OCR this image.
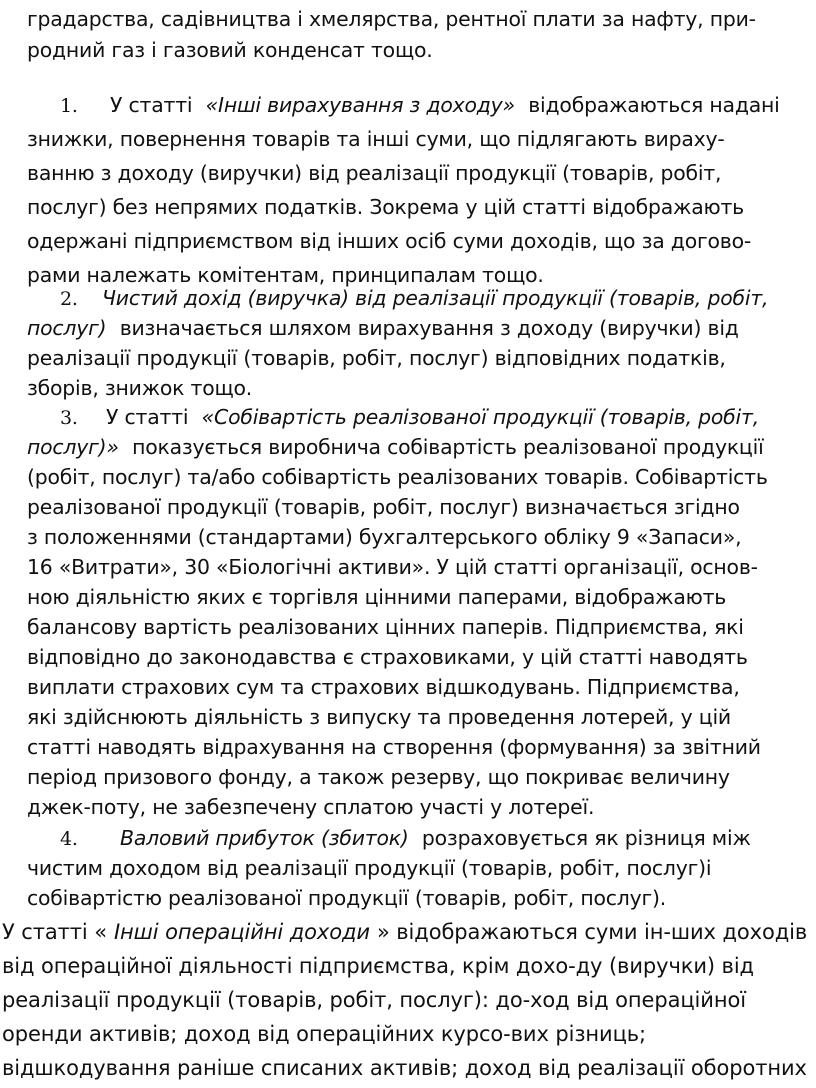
градарства, садівництва і хмелярства, рентної плати за нафту, при-
родний газ і газовий конденсат тощо.
1. У статті «Інші вирахування з доходу» відображаються надані
знижки, повернення товарів та інші суми, що підлягають вираху-
ванню з доходу (виручки) від реалізації продукції (товарів, робіт,
послуг) без непрямих податків. Зокрема у цій статті відображають
одержані підприємством від інших осіб суми доходів, що за догово-
рами належать комітентам, принципалам тощо.
2. Чистий дохід (виручка) від реалізації продукції (товарів, робіт,
послуг) визначається шляхом вирахування з доходу (виручки) від
реалізації продукції (товарів, робіт, послуг) відповідних податків,
зборів, знижок тощо.
3. У статті «Собівартість реалізованої продукції (товарів, робіт,
послуг)» показується виробнича собівартість реалізованої продукції
(робіт, послуг) та/або собівартість реалізованих товарів. Собівартість
реалізованої продукції (товарів, робіт, послуг) визначається згідно
з положеннями (стандартами) бухгалтерського обліку 9 «Запаси»,
16 «Витрати», 30 «Біологічні активи». У цій статті організації, основ-
ною діяльністю яких є торгівля цінними паперами, відображають
балансову вартість реалізованих цінних паперів. Підприємства, які
відповідно до законодавства є страховиками, у цій статті наводять
виплати страхових сум та страхових відшкодувань. Підприємства,
які здійснюють діяльність з випуску та проведення лотерей, у цій
статті наводять відрахування на створення (формування) за звітний
період призового фонду, а також резерву, що покриває величину
джек-поту, не забезпечену сплатою участі у лотереї.
4. Валовий прибуток (збиток) розраховується як різниця між
чистим доходом від реалізації продукції (товарів, робіт, послуг)і
собівартістю реалізованої продукції (товарів, робіт, послуг).
У статті « Інші операційні доходи » відображаються суми ін-ших доходів
від операційної діяльності підприємства, крім дохо-ду (виручки) від
реалізації продукції (товарів, робіт, послуг): до-ход від операційної
оренди активів; доход від операційних курсо-вих різниць;
відшкодування раніше списаних активів; доход від реалізації оборотних
